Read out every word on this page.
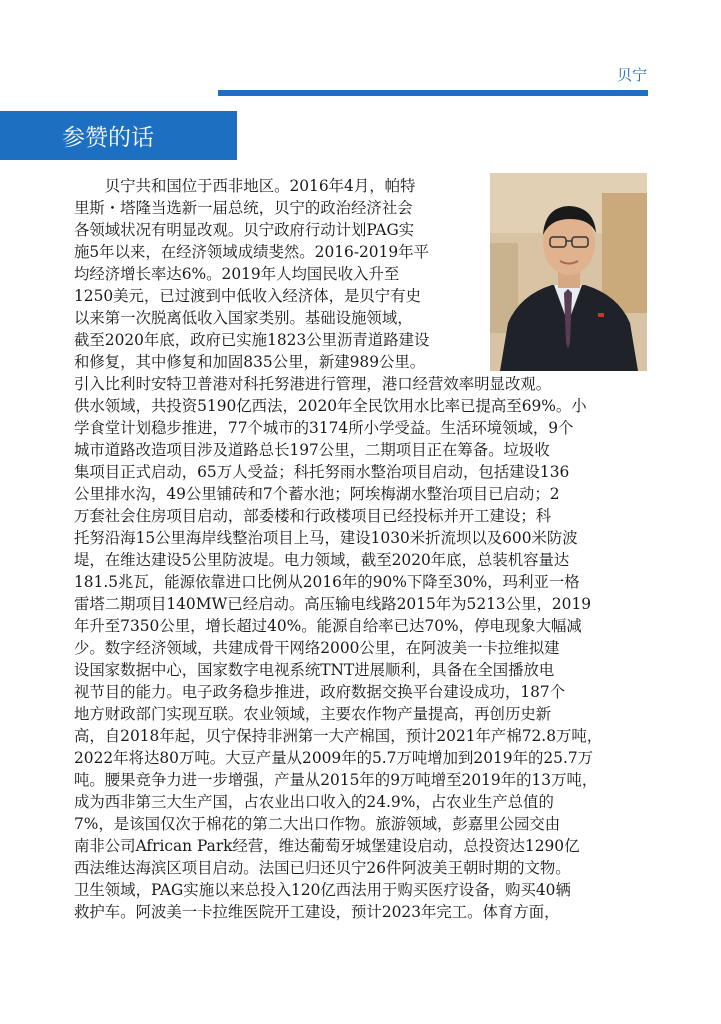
贝宁
参赞的话
　　贝宁共和国位于西非地区。2016年4月，帕特
里斯・塔隆当选新一届总统，贝宁的政治经济社会
各领域状况有明显改观。贝宁政府行动计划PAG实
施5年以来，在经济领域成绩斐然。2016-2019年平
均经济增长率达6%。2019年人均国民收入升至
1250美元，已过渡到中低收入经济体，是贝宁有史
以来第一次脱离低收入国家类别。基础设施领域，
截至2020年底，政府已实施1823公里沥青道路建设
和修复，其中修复和加固835公里，新建989公里。
引入比利时安特卫普港对科托努港进行管理，港口经营效率明显改观。
供水领域，共投资5190亿西法，2020年全民饮用水比率已提高至69%。小
学食堂计划稳步推进，77个城市的3174所小学受益。生活环境领域，9个
城市道路改造项目涉及道路总长197公里，二期项目正在筹备。垃圾收
集项目正式启动，65万人受益；科托努雨水整治项目启动，包括建设136
公里排水沟，49公里铺砖和7个蓄水池；阿埃梅湖水整治项目已启动；2
万套社会住房项目启动，部委楼和行政楼项目已经投标并开工建设；科
托努沿海15公里海岸线整治项目上马，建设1030米折流坝以及600米防波
堤，在维达建设5公里防波堤。电力领域，截至2020年底，总装机容量达
181.5兆瓦，能源依靠进口比例从2016年的90%下降至30%，玛利亚一格
雷塔二期项目140MW已经启动。高压输电线路2015年为5213公里，2019
年升至7350公里，增长超过40%。能源自给率已达70%，停电现象大幅减
少。数字经济领域，共建成骨干网络2000公里，在阿波美一卡拉维拟建
设国家数据中心，国家数字电视系统TNT进展顺利，具备在全国播放电
视节目的能力。电子政务稳步推进，政府数据交换平台建设成功，187个
地方财政部门实现互联。农业领域，主要农作物产量提高，再创历史新
高，自2018年起，贝宁保持非洲第一大产棉国，预计2021年产棉72.8万吨，
2022年将达80万吨。大豆产量从2009年的5.7万吨增加到2019年的25.7万
吨。腰果竞争力进一步增强，产量从2015年的9万吨增至2019年的13万吨，
成为西非第三大生产国，占农业出口收入的24.9%，占农业生产总值的
7%，是该国仅次于棉花的第二大出口作物。旅游领域，彭嘉里公园交由
南非公司African Park经营，维达葡萄牙城堡建设启动，总投资达1290亿
西法维达海滨区项目启动。法国已归还贝宁26件阿波美王朝时期的文物。
卫生领域，PAG实施以来总投入120亿西法用于购买医疗设备，购买40辆
救护车。阿波美一卡拉维医院开工建设，预计2023年完工。体育方面，
